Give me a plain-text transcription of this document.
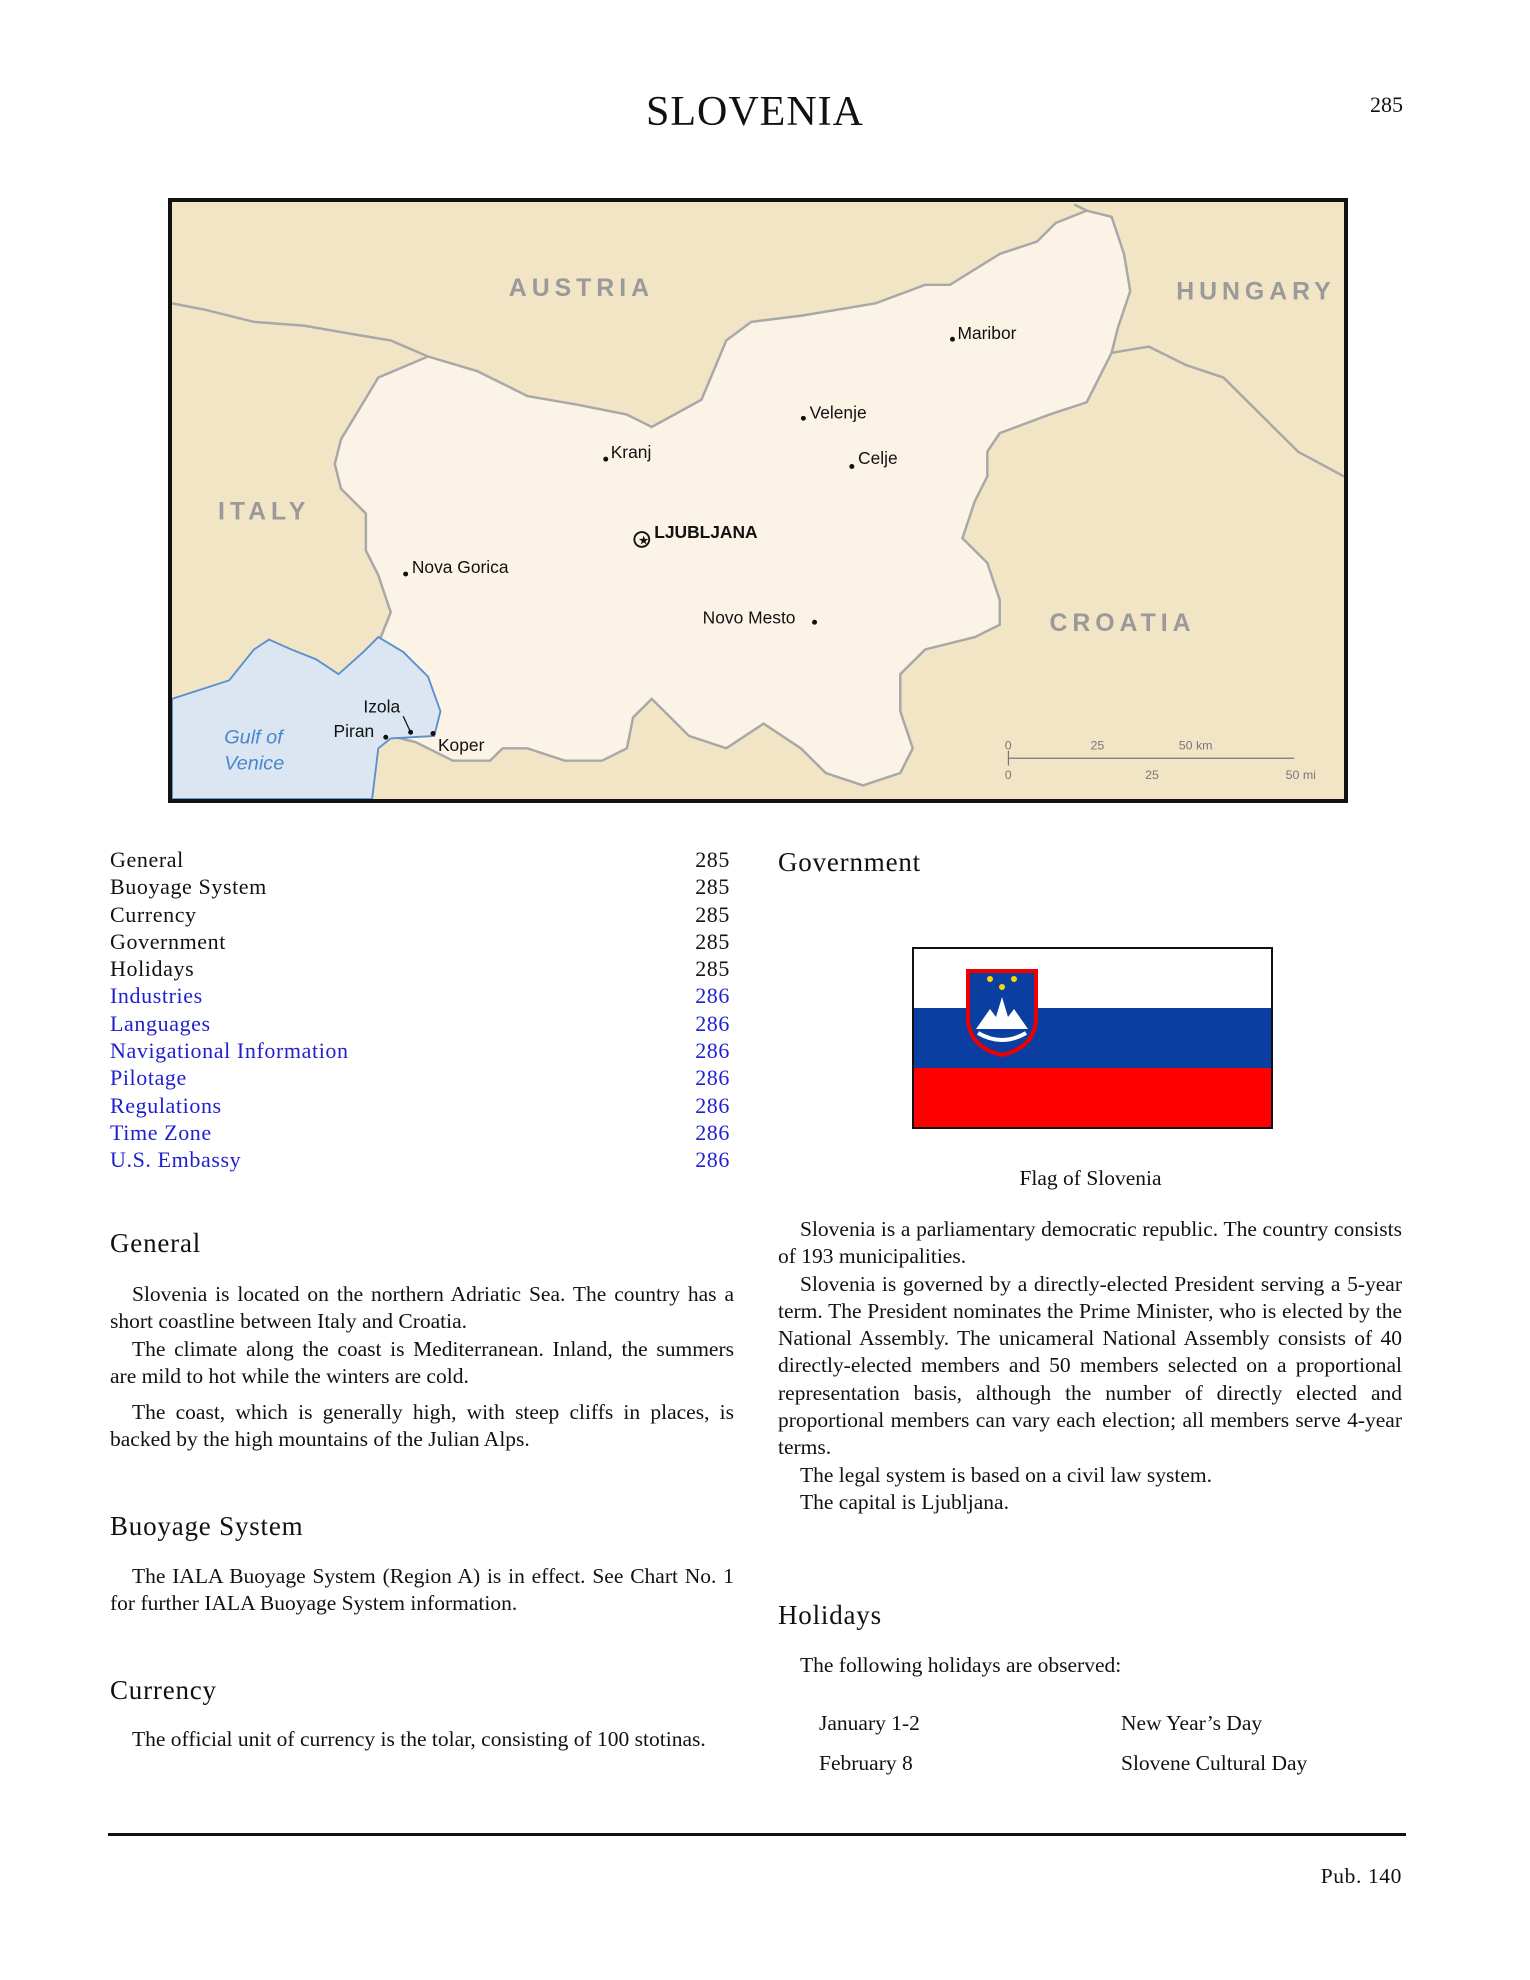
SLOVENIA	285
AUSTRIA	HUNGARY
ITALY
CROATIA
Maribor
Velenje
Kranj	Celje
Nova Gorica
Novo Mesto
Izola
Piran
Koper
★ LJUBLJANA
Gulf of
Venice
0	25	50 km
0	25	50 mi
General	285
Buoyage System	285
Currency	285
Government	285
Holidays	285
Industries	286
Languages	286
Navigational Information	286
Pilotage	286
Regulations	286
Time Zone	286
U.S. Embassy	286
General

Slovenia is located on the northern Adriatic Sea. The country has a short coastline between Italy and Croatia.

The climate along the coast is Mediterranean. Inland, the summers are mild to hot while the winters are cold.

The coast, which is generally high, with steep cliffs in places, is backed by the high mountains of the Julian Alps.

Buoyage System

The IALA Buoyage System (Region A) is in effect. See Chart No. 1 for further IALA Buoyage System information.

Currency

The official unit of currency is the tolar, consisting of 100 stotinas.

Government
Flag of Slovenia

Slovenia is a parliamentary democratic republic. The country consists of 193 municipalities.

Slovenia is governed by a directly-elected President serving a 5-year term. The President nominates the Prime Minister, who is elected by the National Assembly. The unicameral National Assembly consists of 40 directly-elected members and 50 members selected on a proportional representation basis, although the number of directly elected and proportional members can vary each election; all members serve 4-year terms.

The legal system is based on a civil law system.

The capital is Ljubljana.

Holidays

The following holidays are observed:

January 1-2	New Year’s Day
February 8	Slovene Cultural Day
Pub. 140
